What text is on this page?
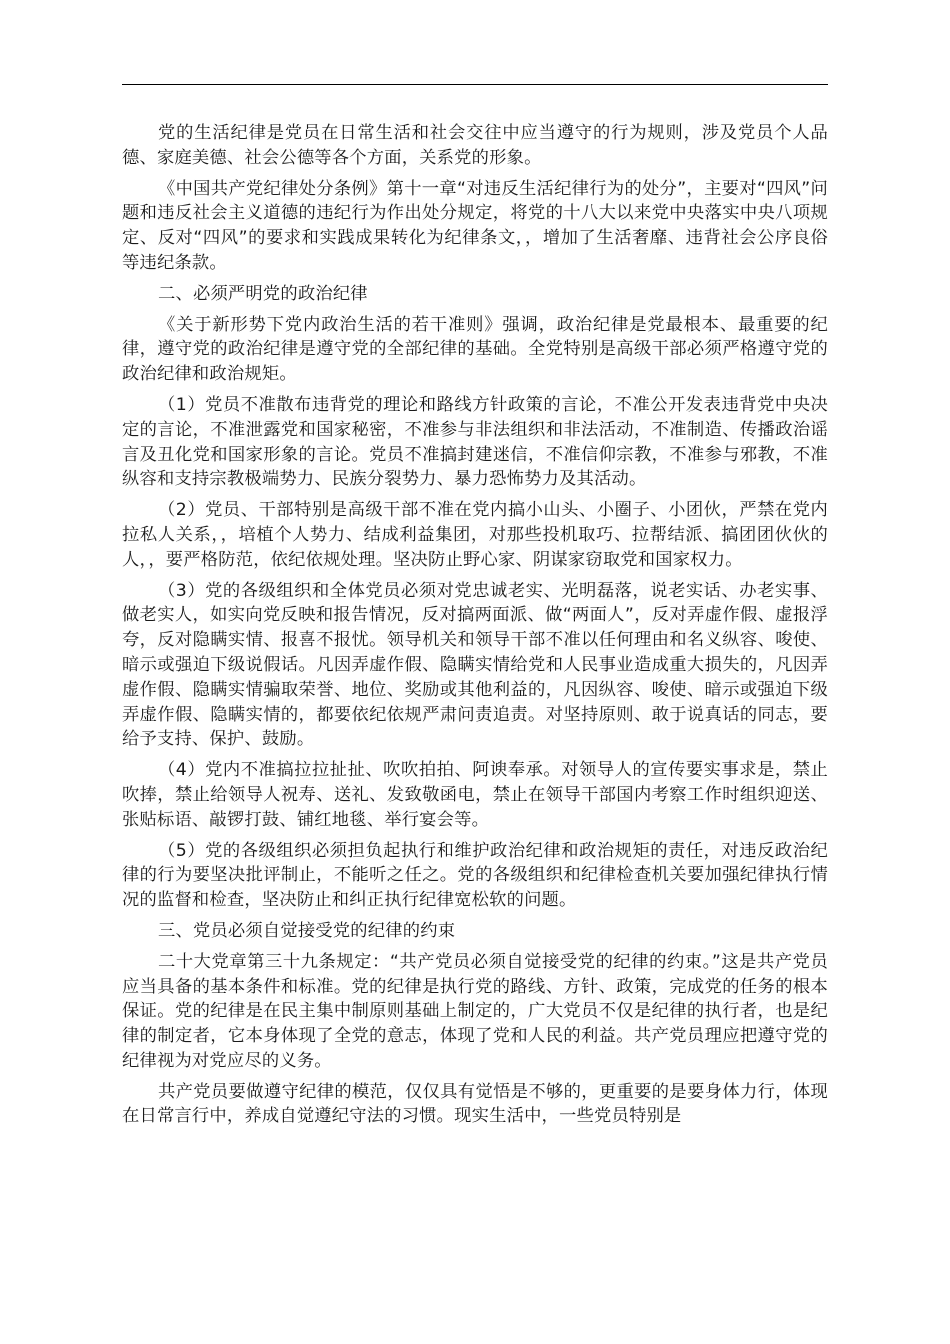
党的生活纪律是党员在日常生活和社会交往中应当遵守的行为规则，涉及党员个人品德、家庭美德、社会公德等各个方面，关系党的形象。

《中国共产党纪律处分条例》第十一章“对违反生活纪律行为的处分”，主要对“四风”问题和违反社会主义道德的违纪行为作出处分规定，将党的十八大以来党中央落实中央八项规定、反对“四风”的要求和实践成果转化为纪律条文，，增加了生活奢靡、违背社会公序良俗等违纪条款。

二、必须严明党的政治纪律

《关于新形势下党内政治生活的若干准则》强调，政治纪律是党最根本、最重要的纪律，遵守党的政治纪律是遵守党的全部纪律的基础。全党特别是高级干部必须严格遵守党的政治纪律和政治规矩。

（1）党员不准散布违背党的理论和路线方针政策的言论，不准公开发表违背党中央决定的言论，不准泄露党和国家秘密，不准参与非法组织和非法活动，不准制造、传播政治谣言及丑化党和国家形象的言论。党员不准搞封建迷信，不准信仰宗教，不准参与邪教，不准纵容和支持宗教极端势力、民族分裂势力、暴力恐怖势力及其活动。

（2）党员、干部特别是高级干部不准在党内搞小山头、小圈子、小团伙，严禁在党内拉私人关系，，培植个人势力、结成利益集团，对那些投机取巧、拉帮结派、搞团团伙伙的人，，要严格防范，依纪依规处理。坚决防止野心家、阴谋家窃取党和国家权力。

（3）党的各级组织和全体党员必须对党忠诚老实、光明磊落，说老实话、办老实事、做老实人，如实向党反映和报告情况，反对搞两面派、做“两面人”，反对弄虚作假、虚报浮夸，反对隐瞒实情、报喜不报忧。领导机关和领导干部不准以任何理由和名义纵容、唆使、暗示或强迫下级说假话。凡因弄虚作假、隐瞒实情给党和人民事业造成重大损失的，凡因弄虚作假、隐瞒实情骗取荣誉、地位、奖励或其他利益的，凡因纵容、唆使、暗示或强迫下级弄虚作假、隐瞒实情的，都要依纪依规严肃问责追责。对坚持原则、敢于说真话的同志，要给予支持、保护、鼓励。

（4）党内不准搞拉拉扯扯、吹吹拍拍、阿谀奉承。对领导人的宣传要实事求是，禁止吹捧，禁止给领导人祝寿、送礼、发致敬函电，禁止在领导干部国内考察工作时组织迎送、张贴标语、敲锣打鼓、铺红地毯、举行宴会等。

（5）党的各级组织必须担负起执行和维护政治纪律和政治规矩的责任，对违反政治纪律的行为要坚决批评制止，不能听之任之。党的各级组织和纪律检查机关要加强纪律执行情况的监督和检查，坚决防止和纠正执行纪律宽松软的问题。

三、党员必须自觉接受党的纪律的约束

二十大党章第三十九条规定：“共产党员必须自觉接受党的纪律的约束。”这是共产党员应当具备的基本条件和标准。党的纪律是执行党的路线、方针、政策，完成党的任务的根本保证。党的纪律是在民主集中制原则基础上制定的，广大党员不仅是纪律的执行者，也是纪律的制定者，它本身体现了全党的意志，体现了党和人民的利益。共产党员理应把遵守党的纪律视为对党应尽的义务。

共产党员要做遵守纪律的模范，仅仅具有觉悟是不够的，更重要的是要身体力行，体现在日常言行中，养成自觉遵纪守法的习惯。现实生活中，一些党员特别是
